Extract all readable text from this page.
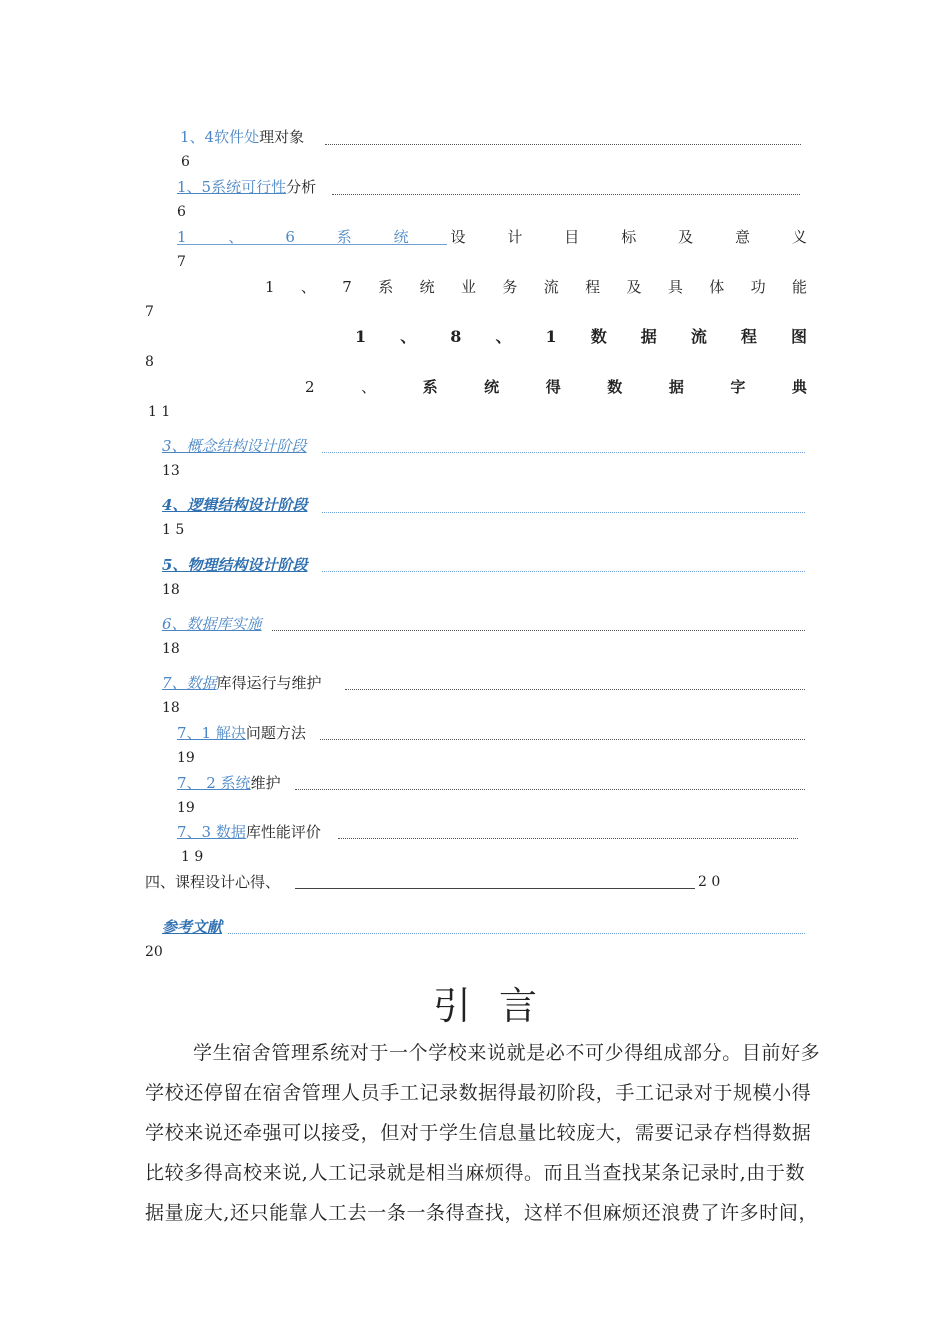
1、4软件处理对象
6
1、5系统可行性分析
6
1	、	6	系	统	设	计	目	标	及	意	义
7
1 、 7 系 统 业 务 流 程 及 具 体 功 能
7
1 、 8 、 1 数 据 流 程 图
8
2	、	系	统	得	数	据	字	典
1 1
3、概念结构设计阶段
13
4、逻辑结构设计阶段
1 5
5、物理结构设计阶段
18
6、数据库实施
18
7、数据库得运行与维护
18
7、1 解决问题方法
19
7、 2 系统维护
19
7、3 数据库性能评价
1 9
四、课程设计心得、	2 0
参考文献
20
引言
学生宿舍管理系统对于一个学校来说就是必不可少得组成部分。目前好多
学校还停留在宿舍管理人员手工记录数据得最初阶段，手工记录对于规模小得
学校来说还牵强可以接受，但对于学生信息量比较庞大，需要记录存档得数据
比较多得高校来说,人工记录就是相当麻烦得。而且当查找某条记录时,由于数
据量庞大,还只能靠人工去一条一条得查找，这样不但麻烦还浪费了许多时间，
